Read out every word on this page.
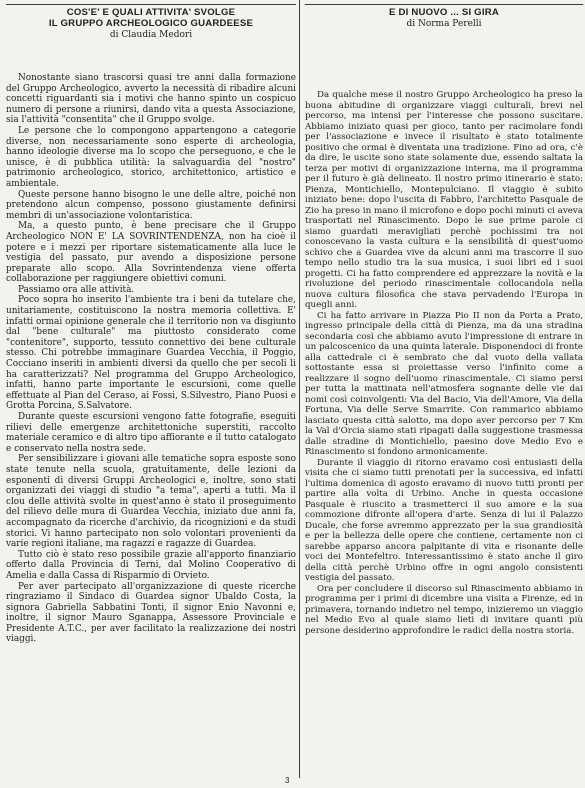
COS'E' E QUALI ATTIVITA' SVOLGE
IL GRUPPO ARCHEOLOGICO GUARDEESE
di Claudia Medori

Nonostante siano trascorsi quasi tre anni dalla formazione del Gruppo Archeologico, avverto la necessità di ribadire alcuni concetti riguardanti sia i motivi che hanno spinto un cospicuo numero di persone a riunirsi, dando vita a questa Associazione, sia l'attività "consentita" che il Gruppo svolge.

Le persone che lo compongono appartengono a categorie diverse, non necessariamente sono esperte di archeologia, hanno ideologie diverse ma lo scopo che perseguono, e che le unisce, è di pubblica utilità: la salvaguardia del "nostro" patrimonio archeologico, storico, architettonico, artistico e ambientale.

Queste persone hanno bisogno le une delle altre, poiché non pretendono alcun compenso, possono giustamente definirsi membri di un'associazione volontaristica.

Ma, a questo punto, è bene precisare che il Gruppo Archeologico NON E' LA SOVRINTENDENZA, non ha cioè il potere e i mezzi per riportare sistematicamente alla luce le vestigia del passato, pur avendo a disposizione persone preparate allo scopo. Alla Sovrintendenza viene offerta collaborazione per raggiungere obiettivi comuni.

Passiamo ora alle attività.

Poco sopra ho inserito l'ambiente tra i beni da tutelare che, unitariamente, costituiscono la nostra memoria collettiva. E' infatti ormai opinione generale che il territorio non va disgiunto dal "bene culturale" ma piuttosto considerato come "contenitore", supporto, tessuto connettivo dei bene culturale stesso. Chi potrebbe immaginare Guardea Vecchia, il Poggio, Cocciano inseriti in ambienti diversi da quello che per secoli li ha caratterizzati? Nel programma del Gruppo Archeologico, infatti, hanno parte importante le escursioni, come quelle effettuate al Pian del Ceraso, ai Fossi, S.Silvestro, Piano Puosi e Grotta Porcina, S.Salvatore.

Durante queste escursioni vengono fatte fotografie, eseguiti rilievi delle emergenze architettoniche superstiti, raccolto materiale ceramico e di altro tipo affiorante e il tutto catalogato e conservato nella nostra sede.

Per sensibilizzare i giovani alle tematiche sopra esposte sono state tenute nella scuola, gratuitamente, delle lezioni da esponenti di diversi Gruppi Archeologici e, inoltre, sono stati organizzati dei viaggi di studio "a tema", aperti a tutti. Ma il clou delle attività svolte in quest'anno è stato il proseguimento del rilievo delle mura di Guardea Vecchia, iniziato due anni fa, accompagnato da ricerche d'archivio, da ricognizioni e da studi storici. Vi hanno partecipato non solo volontari provenienti da varie regioni italiane, ma ragazzi e ragazze di Guardea.

Tutto ciò è stato reso possibile grazie all'apporto finanziario offerto dalla Provincia di Terni, dal Molino Cooperativo di Amelia e dalla Cassa di Risparmio di Orvieto.

Per aver partecipato all'organizzazione di queste ricerche ringraziamo il Sindaco di Guardea signor Ubaldo Costa, la signora Gabriella Sabbatini Tonti, il signor Enio Navonni e, inoltre, il signor Mauro Sganappa, Assessore Provinciale e Presidente A.T.C., per aver facilitato la realizzazione dei nostri viaggi.

E DI NUOVO ... SI GIRA
di Norma Perelli

Da qualche mese il nostro Gruppo Archeologico ha preso la buona abitudine di organizzare viaggi culturali, brevi nel percorso, ma intensi per l'interesse che possono suscitare. Abbiamo iniziato quasi per gioco, tanto per racimolare fondi per l'associazione e invece il risultato è stato totalmente positivo che ormai è diventata una tradizione. Fino ad ora, c'è da dire, le uscite sono state solamente due, essendo saltata la terza per motivi di organizzazione interna, ma il programma per il futuro è già delineato. Il nostro primo itinerario è stato: Pienza, Montichiello, Montepulciano. Il viaggio è subito iniziato bene: dopo l'uscita di Fabbro, l'architetto Pasquale de Zio ha preso in mano il microfono e dopo pochi minuti ci aveva trasportati nel Rinascimento. Dopo le sue prime parole ci siamo guardati meravigliati perchè pochissimi tra noi conoscevano la vasta cultura e la sensibilità di quest'uomo schivo che a Guardea vive da alcuni anni ma trascorre il suo tempo nello studio tra la sua musica, i suoi libri ed i suoi progetti. Ci ha fatto comprendere ed apprezzare la novità e la rivoluzione del periodo rinascimentale collocandola nella nuova cultura filosofica che stava pervadendo l'Europa in quegli anni.

Ci ha fatto arrivare in Piazza Pio II non da Porta a Prato, ingresso principale della città di Pienza, ma da una stradina secondaria così che abbiamo avuto l'impressione di entrare in un palcoscenico da una quinta laterale. Disponendoci di fronte alla cattedrale ci è sembrato che dal vuoto della vallata sottostante essa si proiettasse verso l'infinito come a realizzare il sogno dell'uomo rinascimentale. Ci siamo persi per tutta la mattinata nell'atmosfera sognante delle vie dai nomi così coinvolgenti: Via del Bacio, Via dell'Amore, Via della Fortuna, Via delle Serve Smarrite. Con rammarico abbiamo lasciato questa città salotto, ma dopo aver percorso per 7 Km la Val d'Orcia siamo stati ripagati dalla suggestione trasmessa dalle stradine di Montichiello, paesino dove Medio Evo e Rinascimento si fondono armonicamente.

Durante il viaggio di ritorno eravamo così entusiasti della visita che ci siamo tutti prenotati per la successiva, ed infatti l'ultima domenica di agosto eravamo di nuovo tutti pronti per partire alla volta di Urbino. Anche in questa occasione Pasquale è riuscito a trasmetterci il suo amore e la sua commozione difronte all'opera d'arte. Senza di lui il Palazzo Ducale, che forse avremmo apprezzato per la sua grandiosità e per la bellezza delle opere che contiene, certamente non ci sarebbe apparso ancora palpitante di vita e risonante delle voci dei Montefeltro. Interessantissimo è stato anche il giro della città perchè Urbino offre in ogni angolo consistenti vestigia del passato.

Ora per concludere il discorso sul Rinascimento abbiamo in programma per i primi di dicembre una visita a Firenze, ed in primavera, tornando indietro nel tempo, inizieremo un viaggio nel Medio Evo al quale siamo lieti di invitare quanti più persone desiderino approfondire le radici della nostra storia.

3
